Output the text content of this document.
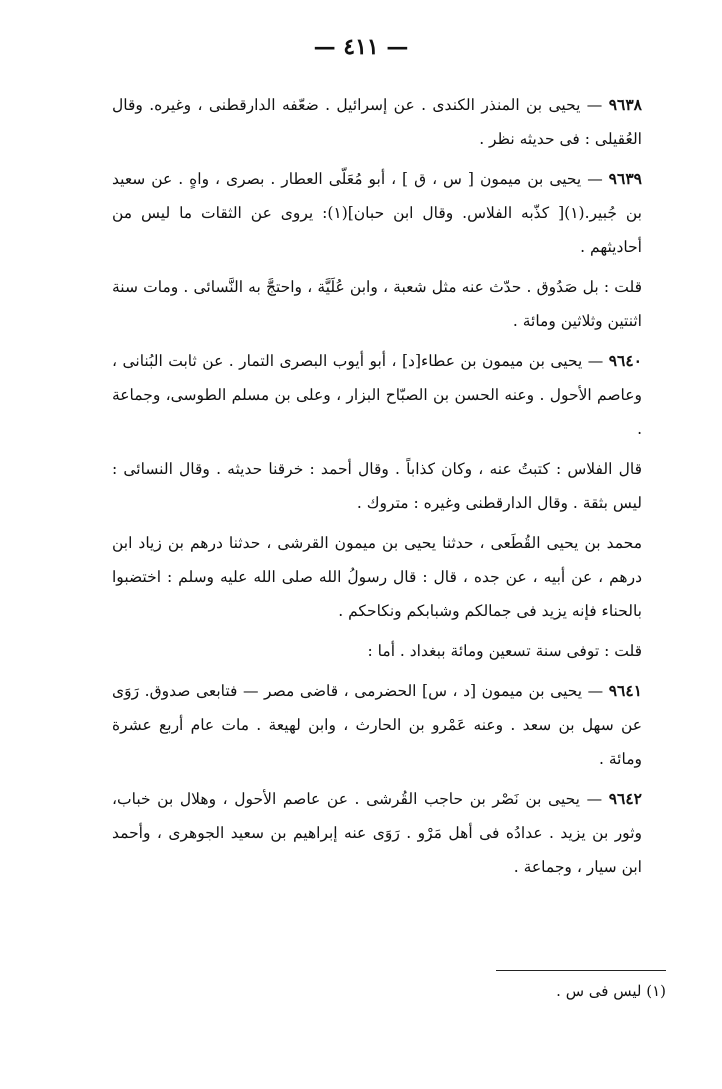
— ٤١١ —

٩٦٣٨ — يحيى بن المنذر الكندى . عن إسرائيل . ضعّفه الدارقطنى ، وغيره. وقال العُقيلى : فى حديثه نظر .

٩٦٣٩ — يحيى بن ميمون [ س ، ق ] ، أبو مُعَلّى العطار . بصرى ، واهٍ . عن سعيد بن جُبير.(١)[ كذّبه الفلاس. وقال ابن حبان](١): يروى عن الثقات ما ليس من أحاديثهم .

قلت : بل صَدُوق . حدّث عنه مثل شعبة ، وابن عُلَيَّة ، واحتجَّ به النَّسائى . ومات سنة اثنتين وثلاثين ومائة .

٩٦٤٠ — يحيى بن ميمون بن عطاء[د] ، أبو أيوب البصرى التمار . عن ثابت البُنانى ، وعاصم الأحول . وعنه الحسن بن الصبّاح البزار ، وعلى بن مسلم الطوسى، وجماعة .

قال الفلاس : كتبتُ عنه ، وكان كذاباً . وقال أحمد : خرقنا حديثه . وقال النسائى : ليس بثقة . وقال الدارقطنى وغيره : متروك .

محمد بن يحيى القُطَعى ، حدثنا يحيى بن ميمون القرشى ، حدثنا درهم بن زياد ابن درهم ، عن أبيه ، عن جده ، قال : قال رسولُ الله صلى الله عليه وسلم : اختضبوا بالحناء فإنه يزيد فى جمالكم وشبابكم ونكاحكم .

قلت : توفى سنة تسعين ومائة ببغداد . أما :

٩٦٤١ — يحيى بن ميمون [د ، س] الحضرمى ، قاضى مصر — فتابعى صدوق. رَوَى عن سهل بن سعد . وعنه عَمْرو بن الحارث ، وابن لهيعة . مات عام أربع عشرة ومائة .

٩٦٤٢ — يحيى بن نَصْر بن حاجب القُرشى . عن عاصم الأحول ، وهلال بن خباب، وثور بن يزيد . عدادُه فى أهل مَرْو . رَوَى عنه إبراهيم بن سعيد الجوهرى ، وأحمد ابن سيار ، وجماعة .

(١) ليس فى س .
